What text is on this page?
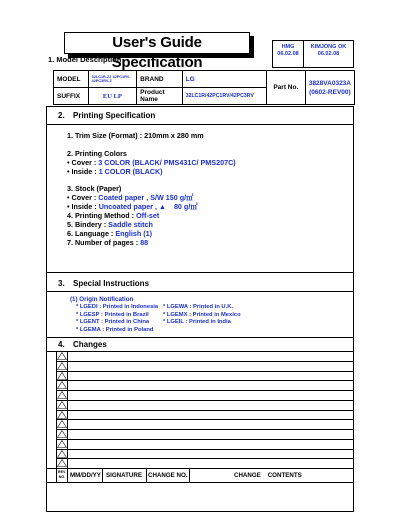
User's Guide Specification
HMG
06.02.08
KIMJONG OK
06.02.08
1. Model Description
MODEL	32LC1R-ZJ 42PC1RV-42PC3RV-Z	BRAND	LG	Part No.	3828VA0323A
(0602-REV00)

SUFFIX	EU LP	Product Name	32LC1R/42PC1RV/42PC3RV		
2. Printing Specification
1. Trim Size (Format) : 210mm x 280 mm
2. Printing Colors
• Cover : 3 COLOR (BLACK/ PMS431C/ PMS207C)
• Inside : 1 COLOR (BLACK)
3. Stock (Paper)
• Cover : Coated paper , S/W 150 g/㎡
• Inside : Uncoated paper , ▲ 80 g/㎡
4. Printing Method : Off-set
5. Bindery : Saddle stitch
6. Language : English (1)
7. Number of pages : 88
3. Special Instructions
(1) Origin Notification
* LGEDI : Printed in Indonesia
* LGESP : Printed in Brazil
* LGENT : Printed in China
* LGEMA : Printed in Poland
* LGEWA : Printed in U.K.
* LGEMX : Printed in Mexico
* LGEIL : Printed in India
4. Changes
REV. NO. MM/DD/YY SIGNATURE CHANGE NO.	CHANGE    CONTENTS
